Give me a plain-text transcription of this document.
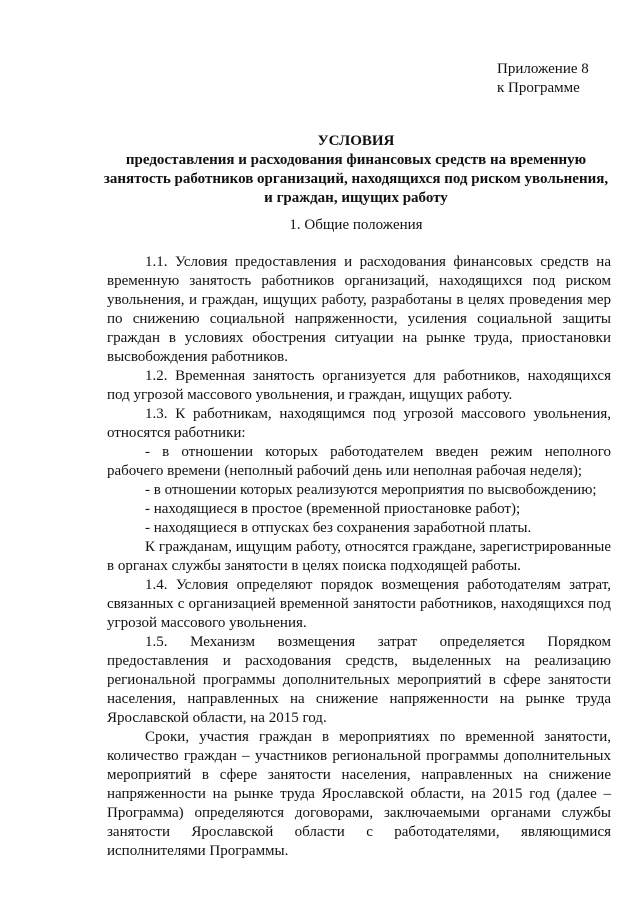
Приложение 8
к Программе
УСЛОВИЯ
предоставления и расходования финансовых средств на временную занятость работников организаций, находящихся под риском увольнения, и граждан, ищущих работу
1. Общие положения

1.1. Условия предоставления и расходования финансовых средств на временную занятость работников организаций, находящихся под риском увольнения, и граждан, ищущих работу, разработаны в целях проведения мер по снижению социальной напряженности, усиления социальной защиты граждан в условиях обострения ситуации на рынке труда, приостановки высвобождения работников.

1.2. Временная занятость организуется для работников, находящихся под угрозой массового увольнения, и граждан, ищущих работу.

1.3. К работникам, находящимся под угрозой массового увольнения, относятся работники:

- в отношении которых работодателем введен режим неполного рабочего времени (неполный рабочий день или неполная рабочая неделя);

- в отношении которых реализуются мероприятия по высвобождению;

- находящиеся в простое (временной приостановке работ);

- находящиеся в отпусках без сохранения заработной платы.

К гражданам, ищущим работу, относятся граждане, зарегистрированные в органах службы занятости в целях поиска подходящей работы.

1.4. Условия определяют порядок возмещения работодателям затрат, связанных с организацией временной занятости работников, находящихся под угрозой массового увольнения.

1.5. Механизм возмещения затрат определяется Порядком предоставления и расходования средств, выделенных на реализацию региональной программы дополнительных мероприятий в сфере занятости населения, направленных на снижение напряженности на рынке труда Ярославской области, на 2015 год.

Сроки, участия граждан в мероприятиях по временной занятости, количество граждан – участников региональной программы дополнительных мероприятий в сфере занятости населения, направленных на снижение напряженности на рынке труда Ярославской области, на 2015 год (далее – Программа) определяются договорами, заключаемыми органами службы занятости Ярославской области с работодателями, являющимися исполнителями Программы.
